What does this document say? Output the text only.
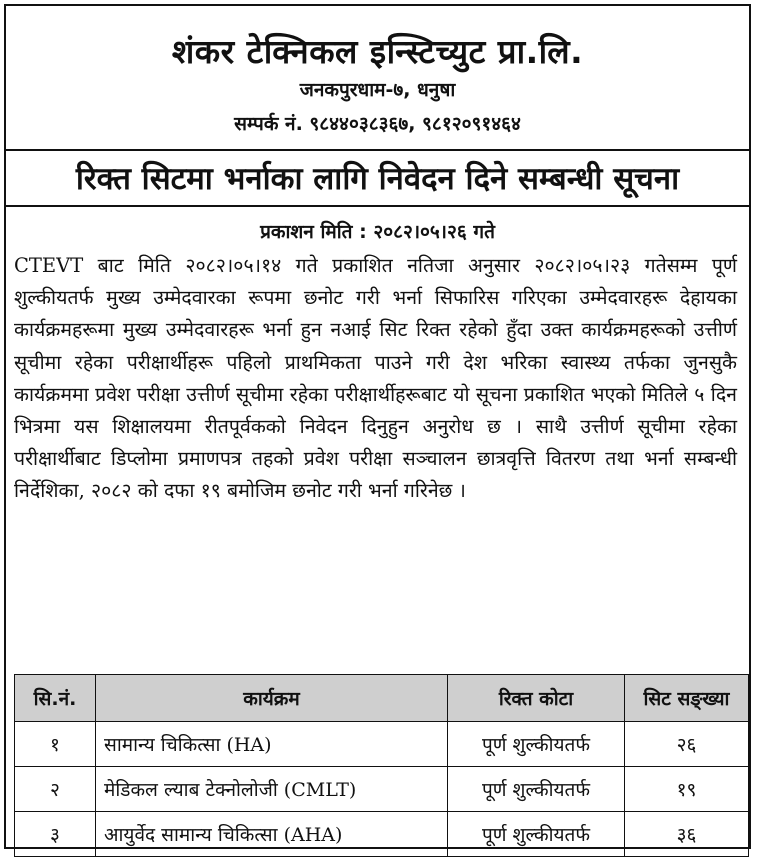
शंकर टेक्निकल इन्स्टिच्युट प्रा.लि.
जनकपुरधाम-७, धनुषा
सम्पर्क नं. ९८४४०३८३६७, ९८१२०९१४६४
रिक्त सिटमा भर्नाका लागि निवेदन दिने सम्बन्धी सूचना
प्रकाशन मिति : २०८२।०५।२६ गते
CTEVT बाट मिति २०८२।०५।१४ गते प्रकाशित नतिजा अनुसार २०८२।०५।२३ गतेसम्म पूर्ण शुल्कीयतर्फ मुख्य उम्मेदवारका रूपमा छनोट गरी भर्ना सिफारिस गरिएका उम्मेदवारहरू देहायका कार्यक्रमहरूमा मुख्य उम्मेदवारहरू भर्ना हुन नआई सिट रिक्त रहेको हुँदा उक्त कार्यक्रमहरूको उत्तीर्ण सूचीमा रहेका परीक्षार्थीहरू पहिलो प्राथमिकता पाउने गरी देश भरिका स्वास्थ्य तर्फका जुनसुकै कार्यक्रममा प्रवेश परीक्षा उत्तीर्ण सूचीमा रहेका परीक्षार्थीहरूबाट यो सूचना प्रकाशित भएको मितिले ५ दिन भित्रमा यस शिक्षालयमा रीतपूर्वकको निवेदन दिनुहुन अनुरोध छ । साथै उत्तीर्ण सूचीमा रहेका परीक्षार्थीबाट डिप्लोमा प्रमाणपत्र तहको प्रवेश परीक्षा सञ्चालन छात्रवृत्ति वितरण तथा भर्ना सम्बन्धी निर्देशिका, २०८२ को दफा १९ बमोजिम छनोट गरी भर्ना गरिनेछ ।
सि.नं.	कार्यक्रम	रिक्त कोटा	सिट सङ्ख्या
१	सामान्य चिकित्सा (HA)	पूर्ण शुल्कीयतर्फ	२६
२	मेडिकल ल्याब टेक्नोलोजी (CMLT)	पूर्ण शुल्कीयतर्फ	१९
३	आयुर्वेद सामान्य चिकित्सा (AHA)	पूर्ण शुल्कीयतर्फ	३६
